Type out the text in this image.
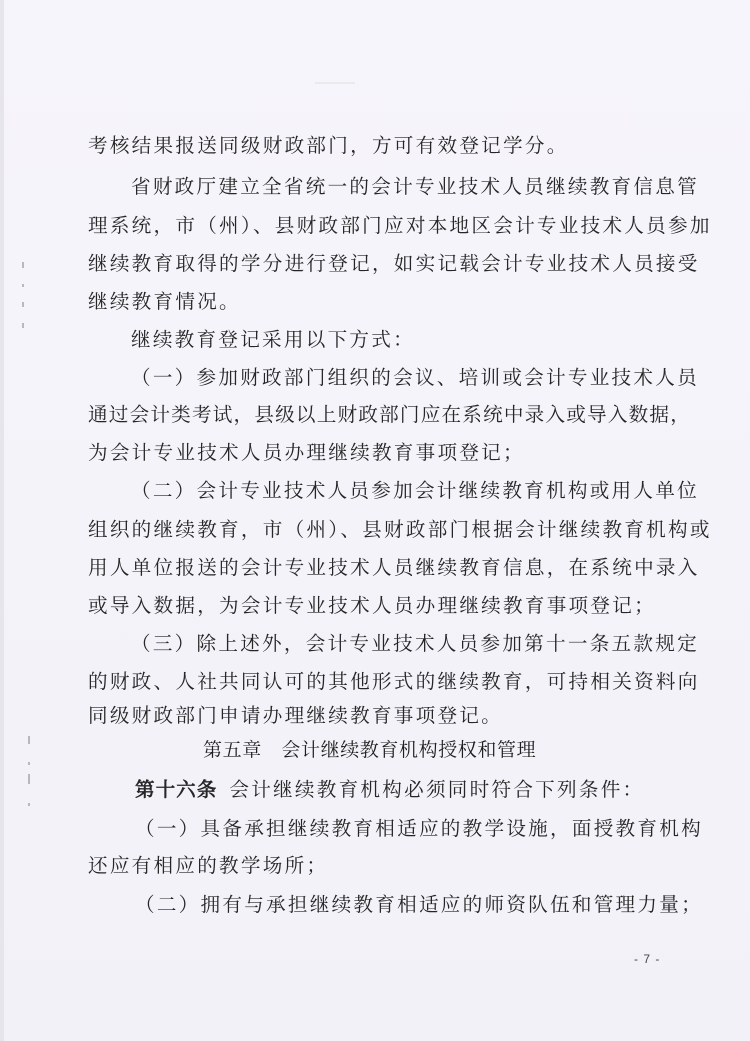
考核结果报送同级财政部门，方可有效登记学分。
省财政厅建立全省统一的会计专业技术人员继续教育信息管
理系统，市（州）、县财政部门应对本地区会计专业技术人员参加
继续教育取得的学分进行登记，如实记载会计专业技术人员接受
继续教育情况。
继续教育登记采用以下方式：
（一）参加财政部门组织的会议、培训或会计专业技术人员
通过会计类考试，县级以上财政部门应在系统中录入或导入数据，
为会计专业技术人员办理继续教育事项登记；
（二）会计专业技术人员参加会计继续教育机构或用人单位
组织的继续教育，市（州）、县财政部门根据会计继续教育机构或
用人单位报送的会计专业技术人员继续教育信息，在系统中录入
或导入数据，为会计专业技术人员办理继续教育事项登记；
（三）除上述外，会计专业技术人员参加第十一条五款规定
的财政、人社共同认可的其他形式的继续教育，可持相关资料向
同级财政部门申请办理继续教育事项登记。
第五章　会计继续教育机构授权和管理
第十六条 会计继续教育机构必须同时符合下列条件：
（一）具备承担继续教育相适应的教学设施，面授教育机构
还应有相应的教学场所；
（二）拥有与承担继续教育相适应的师资队伍和管理力量；
- 7 -
